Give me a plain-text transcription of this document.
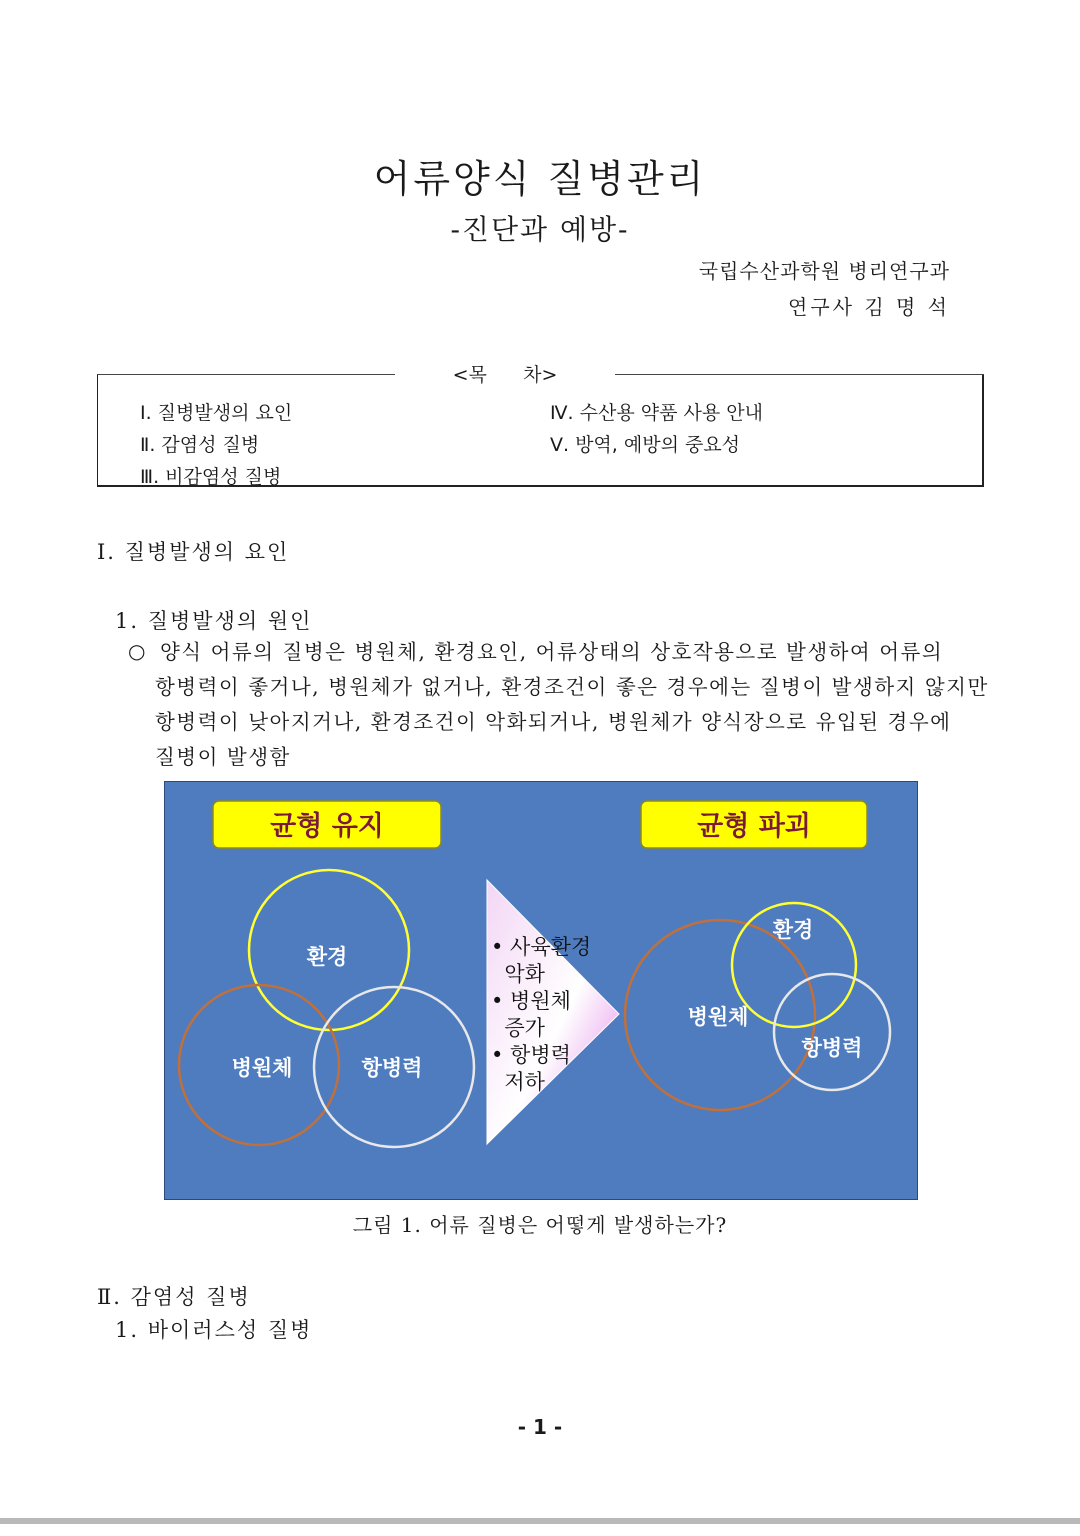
어류양식 질병관리
-진단과 예방-
국립수산과학원 병리연구과
연구사 김 명 석
<목      차>
Ⅰ. 질병발생의 요인
Ⅱ. 감염성 질병
Ⅲ. 비감염성 질병
Ⅳ. 수산용 약품 사용 안내
Ⅴ. 방역, 예방의 중요성
Ⅰ. 질병발생의 요인
1. 질병발생의 원인
○ 양식 어류의 질병은 병원체, 환경요인, 어류상태의 상호작용으로 발생하여 어류의
항병력이 좋거나, 병원체가 없거나, 환경조건이 좋은 경우에는 질병이 발생하지 않지만
항병력이 낮아지거나, 환경조건이 악화되거나, 병원체가 양식장으로 유입된 경우에
질병이 발생함
균형 유지	균형 파괴
환경
병원체	항병력
• 사육환경
악화
• 병원체
증가
• 항병력
저하
환경
병원체
항병력
그림 1. 어류 질병은 어떻게 발생하는가?
Ⅱ. 감염성 질병
1. 바이러스성 질병
- 1 -
